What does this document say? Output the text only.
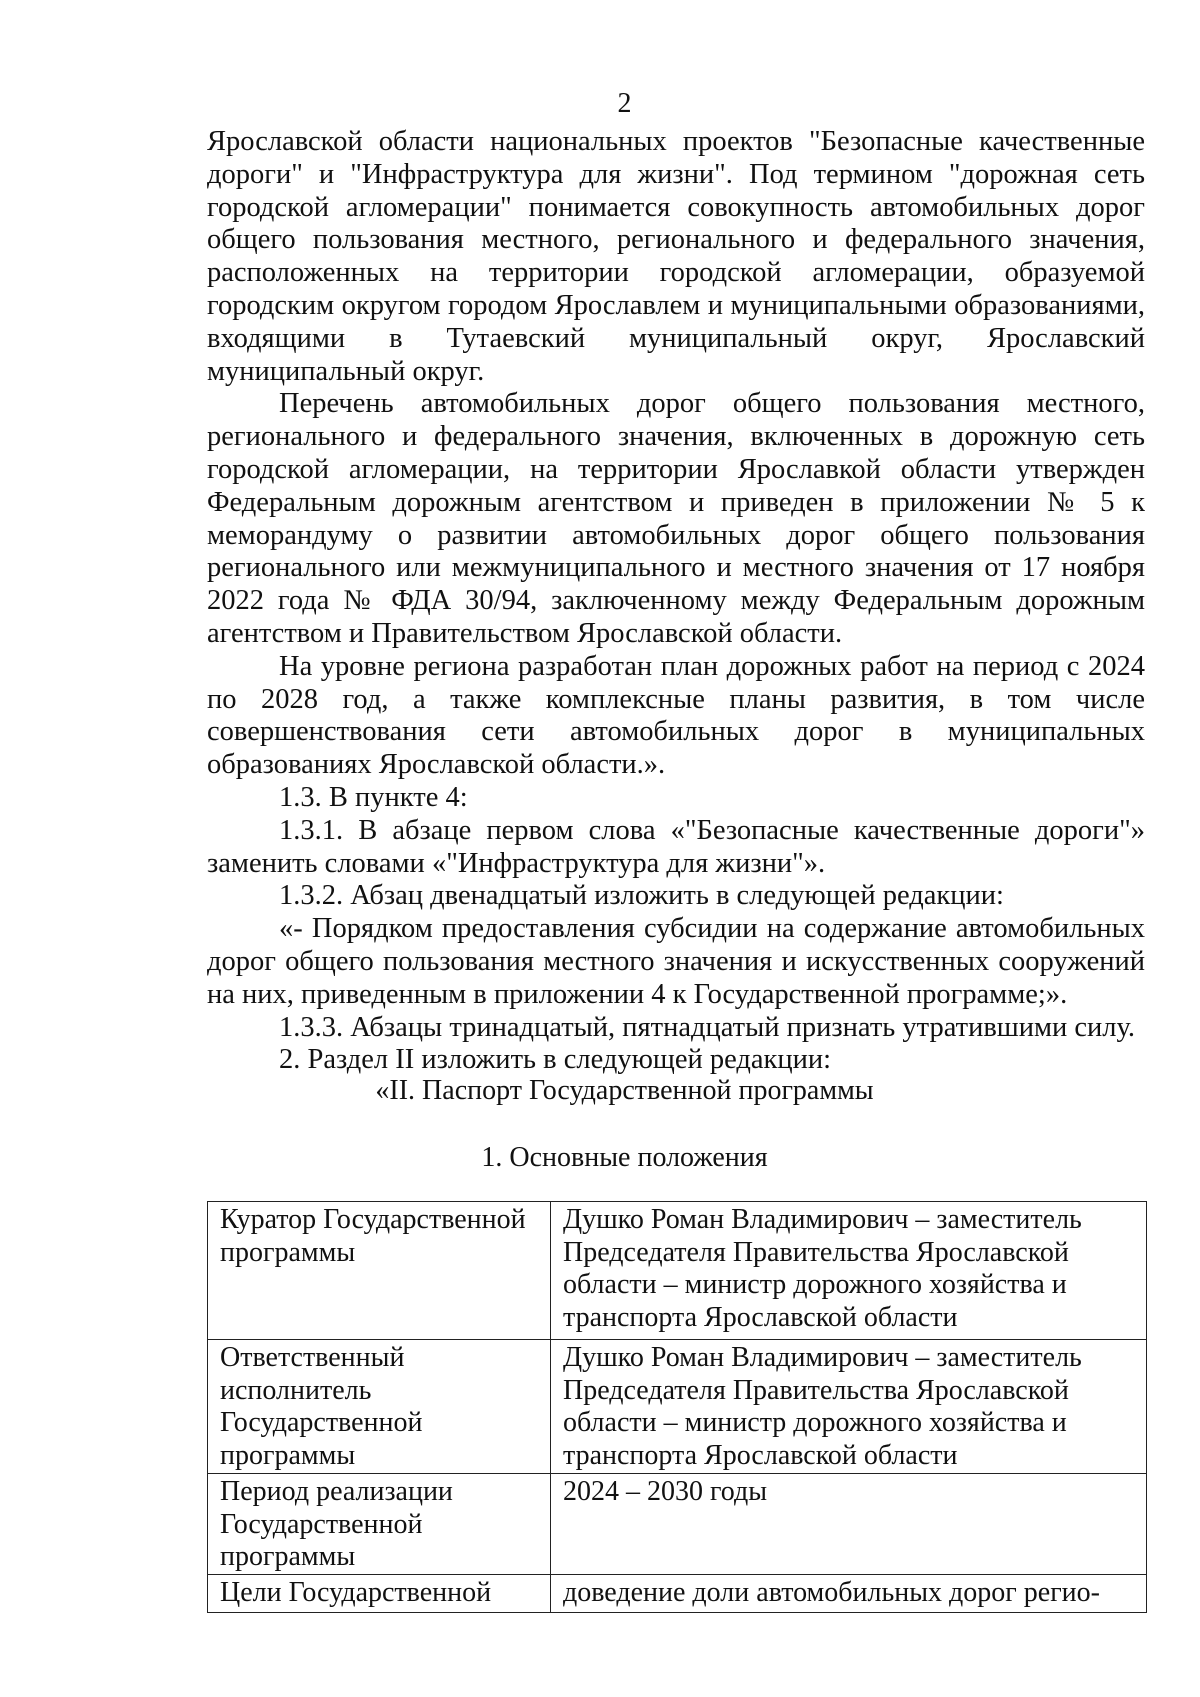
2

Ярославской области национальных проектов "Безопасные качественные дороги" и "Инфраструктура для жизни". Под термином "дорожная сеть городской агломерации" понимается совокупность автомобильных дорог общего пользования местного, регионального и федерального значения, расположенных на территории городской агломерации, образуемой городским округом городом Ярославлем и муниципальными образованиями, входящими в Тутаевский муниципальный округ, Ярославский муниципальный округ.

Перечень автомобильных дорог общего пользования местного, регионального и федерального значения, включенных в дорожную сеть городской агломерации, на территории Ярославкой области утвержден Федеральным дорожным агентством и приведен в приложении № 5 к меморандуму о развитии автомобильных дорог общего пользования регионального или межмуниципального и местного значения от 17 ноября 2022 года № ФДА 30/94, заключенному между Федеральным дорожным агентством и Правительством Ярославской области.

На уровне региона разработан план дорожных работ на период с 2024 по 2028 год, а также комплексные планы развития, в том числе совершенствования сети автомобильных дорог в муниципальных образованиях Ярославской области.».

1.3. В пункте 4:

1.3.1. В абзаце первом слова «"Безопасные качественные дороги"» заменить словами «"Инфраструктура для жизни"».

1.3.2. Абзац двенадцатый изложить в следующей редакции:

«- Порядком предоставления субсидии на содержание автомобильных дорог общего пользования местного значения и искусственных сооружений на них, приведенным в приложении 4 к Государственной программе;».

1.3.3. Абзацы тринадцатый, пятнадцатый признать утратившими силу.

2. Раздел II изложить в следующей редакции:

«II. Паспорт Государственной программы
1. Основные положения
Куратор Государственной программы	Душко Роман Владимирович – заместитель Председателя Правительства Ярославской области – министр дорожного хозяйства и транспорта Ярославской области
Ответственный исполнитель Государственной программы	Душко Роман Владимирович – заместитель Председателя Правительства Ярославской области – министр дорожного хозяйства и транспорта Ярославской области
Период реализации Государственной программы	2024 – 2030 годы
Цели Государственной	доведение доли автомобильных дорог регио-
